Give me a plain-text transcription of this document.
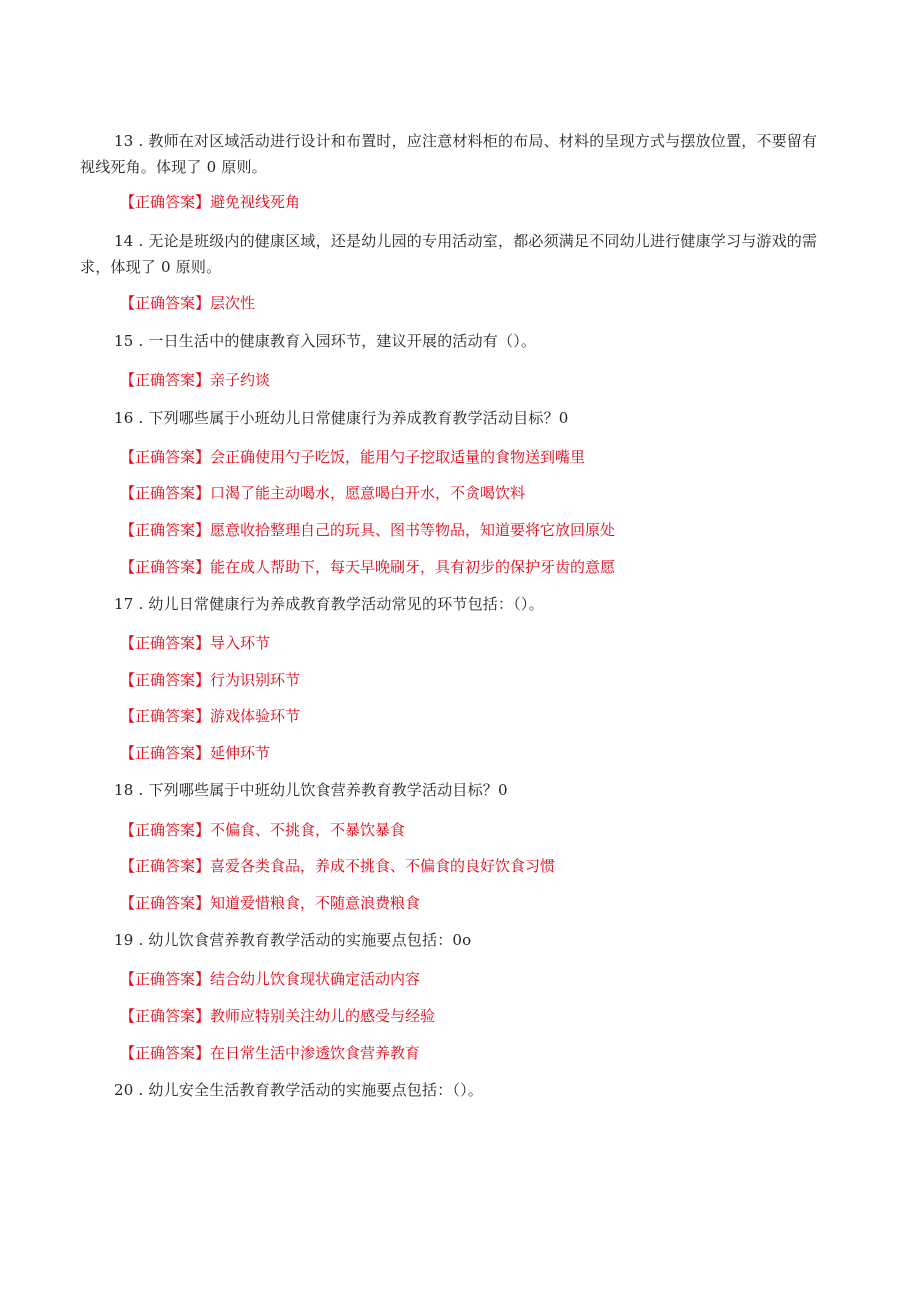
13 . 教师在对区域活动进行设计和布置时，应注意材料柜的布局、材料的呈现方式与摆放位置，不要留有视线死角。体现了 0 原则。

【正确答案】避免视线死角

14 . 无论是班级内的健康区域，还是幼儿园的专用活动室，都必须满足不同幼儿进行健康学习与游戏的需求，体现了 0 原则。

【正确答案】层次性

15 . 一日生活中的健康教育入园环节，建议开展的活动有（）。

【正确答案】亲子约谈

16 . 下列哪些属于小班幼儿日常健康行为养成教育教学活动目标？0

【正确答案】会正确使用勺子吃饭，能用勺子挖取适量的食物送到嘴里

【正确答案】口渴了能主动喝水，愿意喝白开水，不贪喝饮料

【正确答案】愿意收拾整理自己的玩具、图书等物品，知道要将它放回原处

【正确答案】能在成人帮助下，每天早晚刷牙，具有初步的保护牙齿的意愿

17 . 幼儿日常健康行为养成教育教学活动常见的环节包括：（）。

【正确答案】导入环节

【正确答案】行为识别环节

【正确答案】游戏体验环节

【正确答案】延伸环节

18 . 下列哪些属于中班幼儿饮食营养教育教学活动目标？0

【正确答案】不偏食、不挑食，不暴饮暴食

【正确答案】喜爱各类食品，养成不挑食、不偏食的良好饮食习惯

【正确答案】知道爱惜粮食，不随意浪费粮食

19 . 幼儿饮食营养教育教学活动的实施要点包括：0o

【正确答案】结合幼儿饮食现状确定活动内容

【正确答案】教师应特别关注幼儿的感受与经验

【正确答案】在日常生活中渗透饮食营养教育

20 . 幼儿安全生活教育教学活动的实施要点包括：（）。
